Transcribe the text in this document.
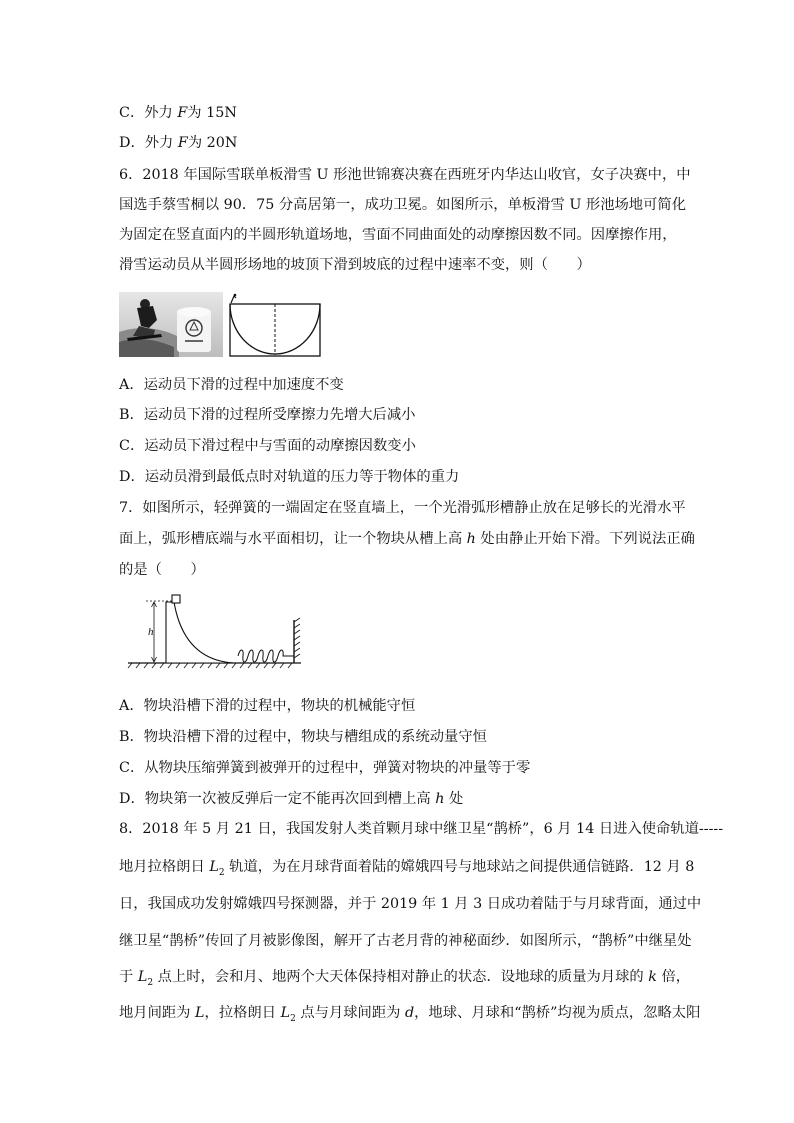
C．外力 F为 15N
D．外力 F为 20N
6．2018 年国际雪联单板滑雪 U 形池世锦赛决赛在西班牙内华达山收官，女子决赛中，中
国选手蔡雪桐以 90．75 分高居第一，成功卫冕。如图所示，单板滑雪 U 形池场地可简化
为固定在竖直面内的半圆形轨道场地，雪面不同曲面处的动摩擦因数不同。因摩擦作用，
滑雪运动员从半圆形场地的坡顶下滑到坡底的过程中速率不变，则（　　）
A．运动员下滑的过程中加速度不变
B．运动员下滑的过程所受摩擦力先增大后减小
C．运动员下滑过程中与雪面的动摩擦因数变小
D．运动员滑到最低点时对轨道的压力等于物体的重力
7．如图所示，轻弹簧的一端固定在竖直墙上，一个光滑弧形槽静止放在足够长的光滑水平
面上，弧形槽底端与水平面相切，让一个物块从槽上高 h 处由静止开始下滑。下列说法正确
的是（　　）
h
A．物块沿槽下滑的过程中，物块的机械能守恒
B．物块沿槽下滑的过程中，物块与槽组成的系统动量守恒
C．从物块压缩弹簧到被弹开的过程中，弹簧对物块的冲量等于零
D．物块第一次被反弹后一定不能再次回到槽上高 h 处
8．2018 年 5 月 21 日，我国发射人类首颗月球中继卫星“鹊桥”，6 月 14 日进入使命轨道-----
地月拉格朗日 $L_2$ 轨道，为在月球背面着陆的嫦娥四号与地球站之间提供通信链路．12 月 8
日，我国成功发射嫦娥四号探测器，并于 2019 年 1 月 3 日成功着陆于与月球背面，通过中
继卫星“鹊桥”传回了月被影像图，解开了古老月背的神秘面纱．如图所示，“鹊桥”中继星处
于 $L_2$ 点上时，会和月、地两个大天体保持相对静止的状态．设地球的质量为月球的 k 倍，
地月间距为 L，拉格朗日 $L_2$ 点与月球间距为 d，地球、月球和“鹊桥”均视为质点，忽略太阳
